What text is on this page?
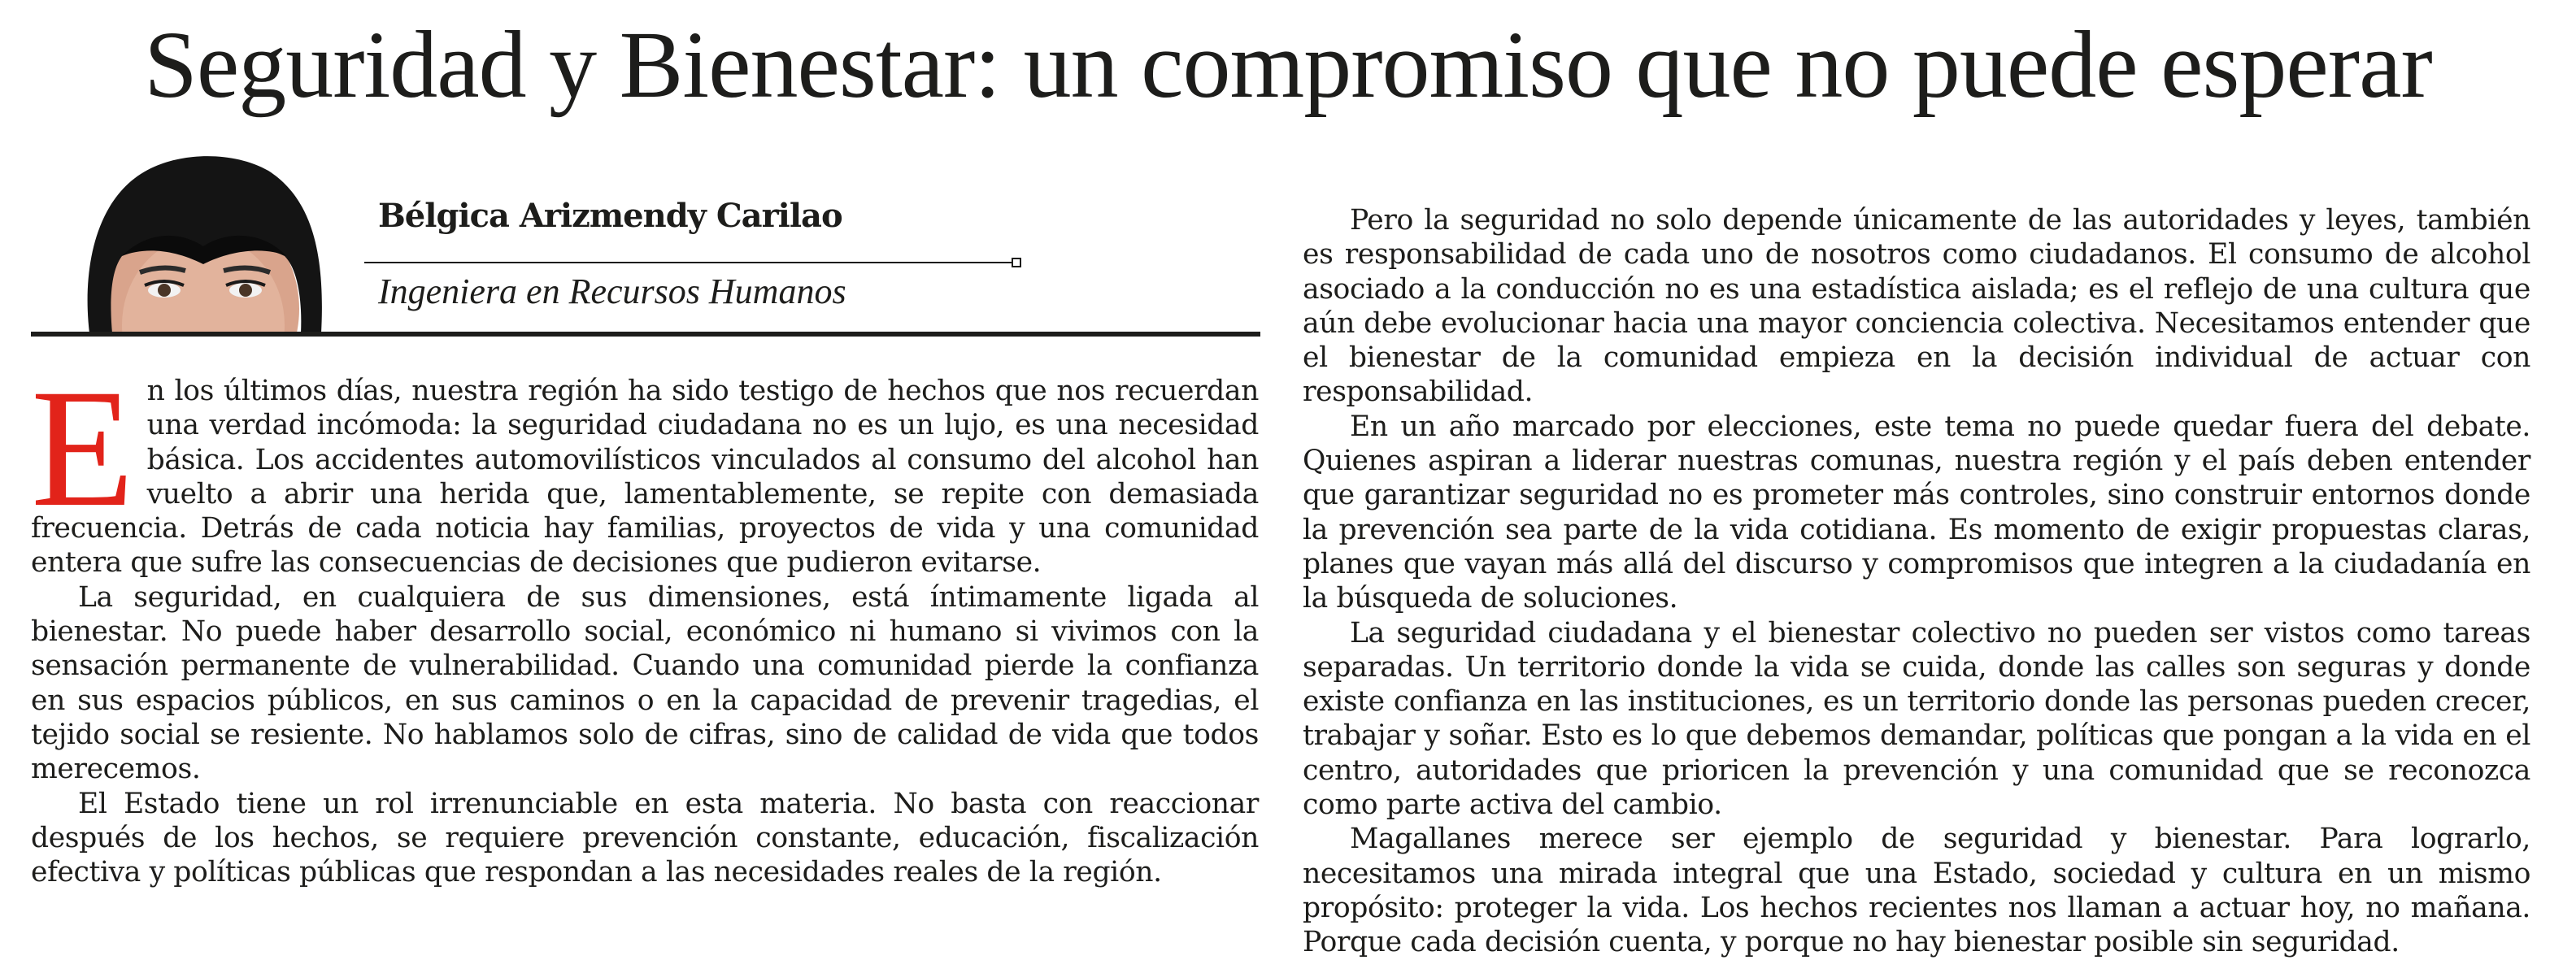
Seguridad y Bienestar: un compromiso que no puede esperar
Bélgica Arizmendy Carilao
Ingeniera en Recursos Humanos

En los últimos días, nuestra región ha sido testigo de hechos que nos recuerdan una verdad incómoda: la seguridad ciudadana no es un lujo, es una necesidad básica. Los accidentes automovilísticos vinculados al consumo del alcohol han vuelto a abrir una herida que, lamentablemente, se repite con demasiada frecuencia. Detrás de cada noticia hay familias, proyectos de vida y una comunidad entera que sufre las consecuencias de decisiones que pudieron evitarse.

La seguridad, en cualquiera de sus dimensiones, está íntimamente ligada al bienestar. No puede haber desarrollo social, económico ni humano si vivimos con la sensación permanente de vulnerabilidad. Cuando una comunidad pierde la confianza en sus espacios públicos, en sus caminos o en la capacidad de prevenir tragedias, el tejido social se resiente. No hablamos solo de cifras, sino de calidad de vida que todos merecemos.

El Estado tiene un rol irrenunciable en esta materia. No basta con reaccionar después de los hechos, se requiere prevención constante, educación, fiscalización efectiva y políticas públicas que respondan a las necesidades reales de la región.

Pero la seguridad no solo depende únicamente de las autoridades y leyes, también es responsabilidad de cada uno de nosotros como ciudadanos. El consumo de alcohol asociado a la conducción no es una estadística aislada; es el reflejo de una cultura que aún debe evolucionar hacia una mayor conciencia colectiva. Necesitamos entender que el bienestar de la comunidad empieza en la decisión individual de actuar con responsabilidad.

En un año marcado por elecciones, este tema no puede quedar fuera del debate. Quienes aspiran a liderar nuestras comunas, nuestra región y el país deben entender que garantizar seguridad no es prometer más controles, sino construir entornos donde la prevención sea parte de la vida cotidiana. Es momento de exigir propuestas claras, planes que vayan más allá del discurso y compromisos que integren a la ciudadanía en la búsqueda de soluciones.

La seguridad ciudadana y el bienestar colectivo no pueden ser vistos como tareas separadas. Un territorio donde la vida se cuida, donde las calles son seguras y donde existe confianza en las instituciones, es un territorio donde las personas pueden crecer, trabajar y soñar. Esto es lo que debemos demandar, políticas que pongan a la vida en el centro, autoridades que prioricen la prevención y una comunidad que se reconozca como parte activa del cambio.

Magallanes merece ser ejemplo de seguridad y bienestar. Para lograrlo, necesitamos una mirada integral que una Estado, sociedad y cultura en un mismo propósito: proteger la vida. Los hechos recientes nos llaman a actuar hoy, no mañana. Porque cada decisión cuenta, y porque no hay bienestar posible sin seguridad.
